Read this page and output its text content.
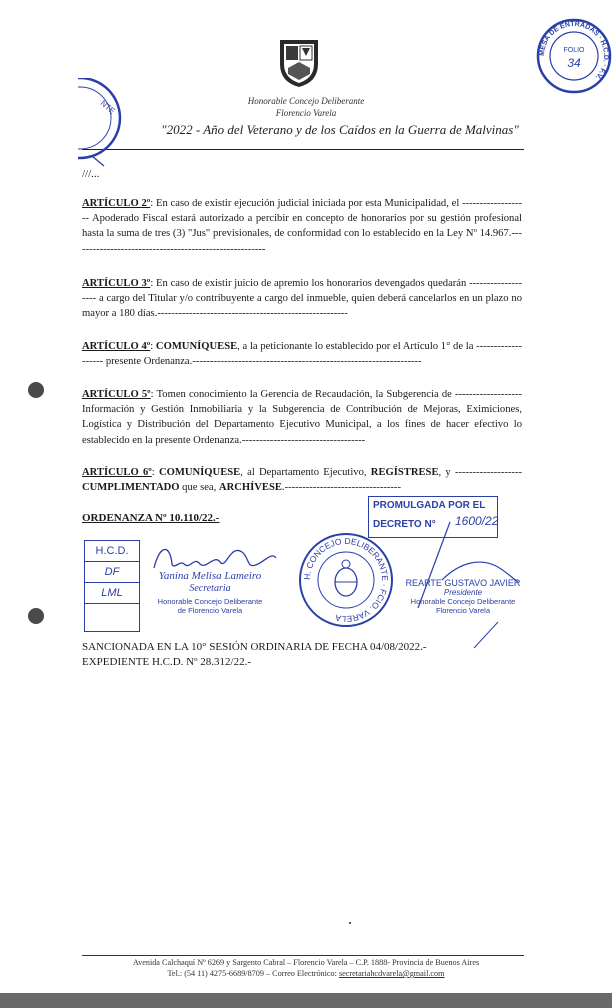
Honorable Concejo Deliberante
Florencio Varela
"2022 - Año del Veterano y de los Caídos en la Guerra de Malvinas"
NTE
MESA DE ENTRADAS · H.C.D. · F.V.
FOLIO
34
///...
ARTÍCULO 2º: En caso de existir ejecución judicial iniciada por esta Municipalidad, el ------------------- Apoderado Fiscal estará autorizado a percibir en concepto de honorarios por su gestión profesional hasta la suma de tres (3) "Jus" previsionales, de conformidad con lo establecido en la Ley Nº 14.967.-------------------------------------------------------
ARTÍCULO 3º: En caso de existir juicio de apremio los honorarios devengados quedarán ------------------- a cargo del Titular y/o contribuyente a cargo del inmueble, quien deberá cancelarlos en un plazo no mayor a 180 días.------------------------------------------------------
ARTÍCULO 4º: COMUNÍQUESE, a la peticionante lo establecido por el Artículo 1° de la ------------------- presente Ordenanza.-----------------------------------------------------------------
ARTÍCULO 5º: Tomen conocimiento la Gerencia de Recaudación, la Subgerencia de ------------------- Información y Gestión Inmobiliaria y la Subgerencia de Contribución de Mejoras, Eximiciones, Logística y Distribución del Departamento Ejecutivo Municipal, a los fines de hacer efectivo lo establecido en la presente Ordenanza.-----------------------------------
ARTÍCULO 6º: COMUNÍQUESE, al Departamento Ejecutivo, REGÍSTRESE, y ------------------- CUMPLIMENTADO que sea, ARCHÍVESE.---------------------------------
ORDENANZA Nº 10.110/22.-
PROMULGADA POR EL
DECRETO N° 1600/22
H.C.D.
DF
LML
Yanina Melisa Lameiro
Secretaria
Honorable Concejo Deliberante
de Florencio Varela
H. CONCEJO DELIBERANTE · FCIO. VARELA
REARTE GUSTAVO JAVIER
Presidente
Honorable Concejo Deliberante
Florencio Varela
SANCIONADA EN LA 10° SESIÓN ORDINARIA DE FECHA 04/08/2022.-
EXPEDIENTE H.C.D. Nº 28.312/22.-
Avenida Calchaquí Nº 6269 y Sargento Cabral – Florencio Varela – C.P. 1888- Provincia de Buenos Aires
Tel.: (54 11) 4275-6689/8709 – Correo Electrónico: secretariahcdvarela@gmail.com
